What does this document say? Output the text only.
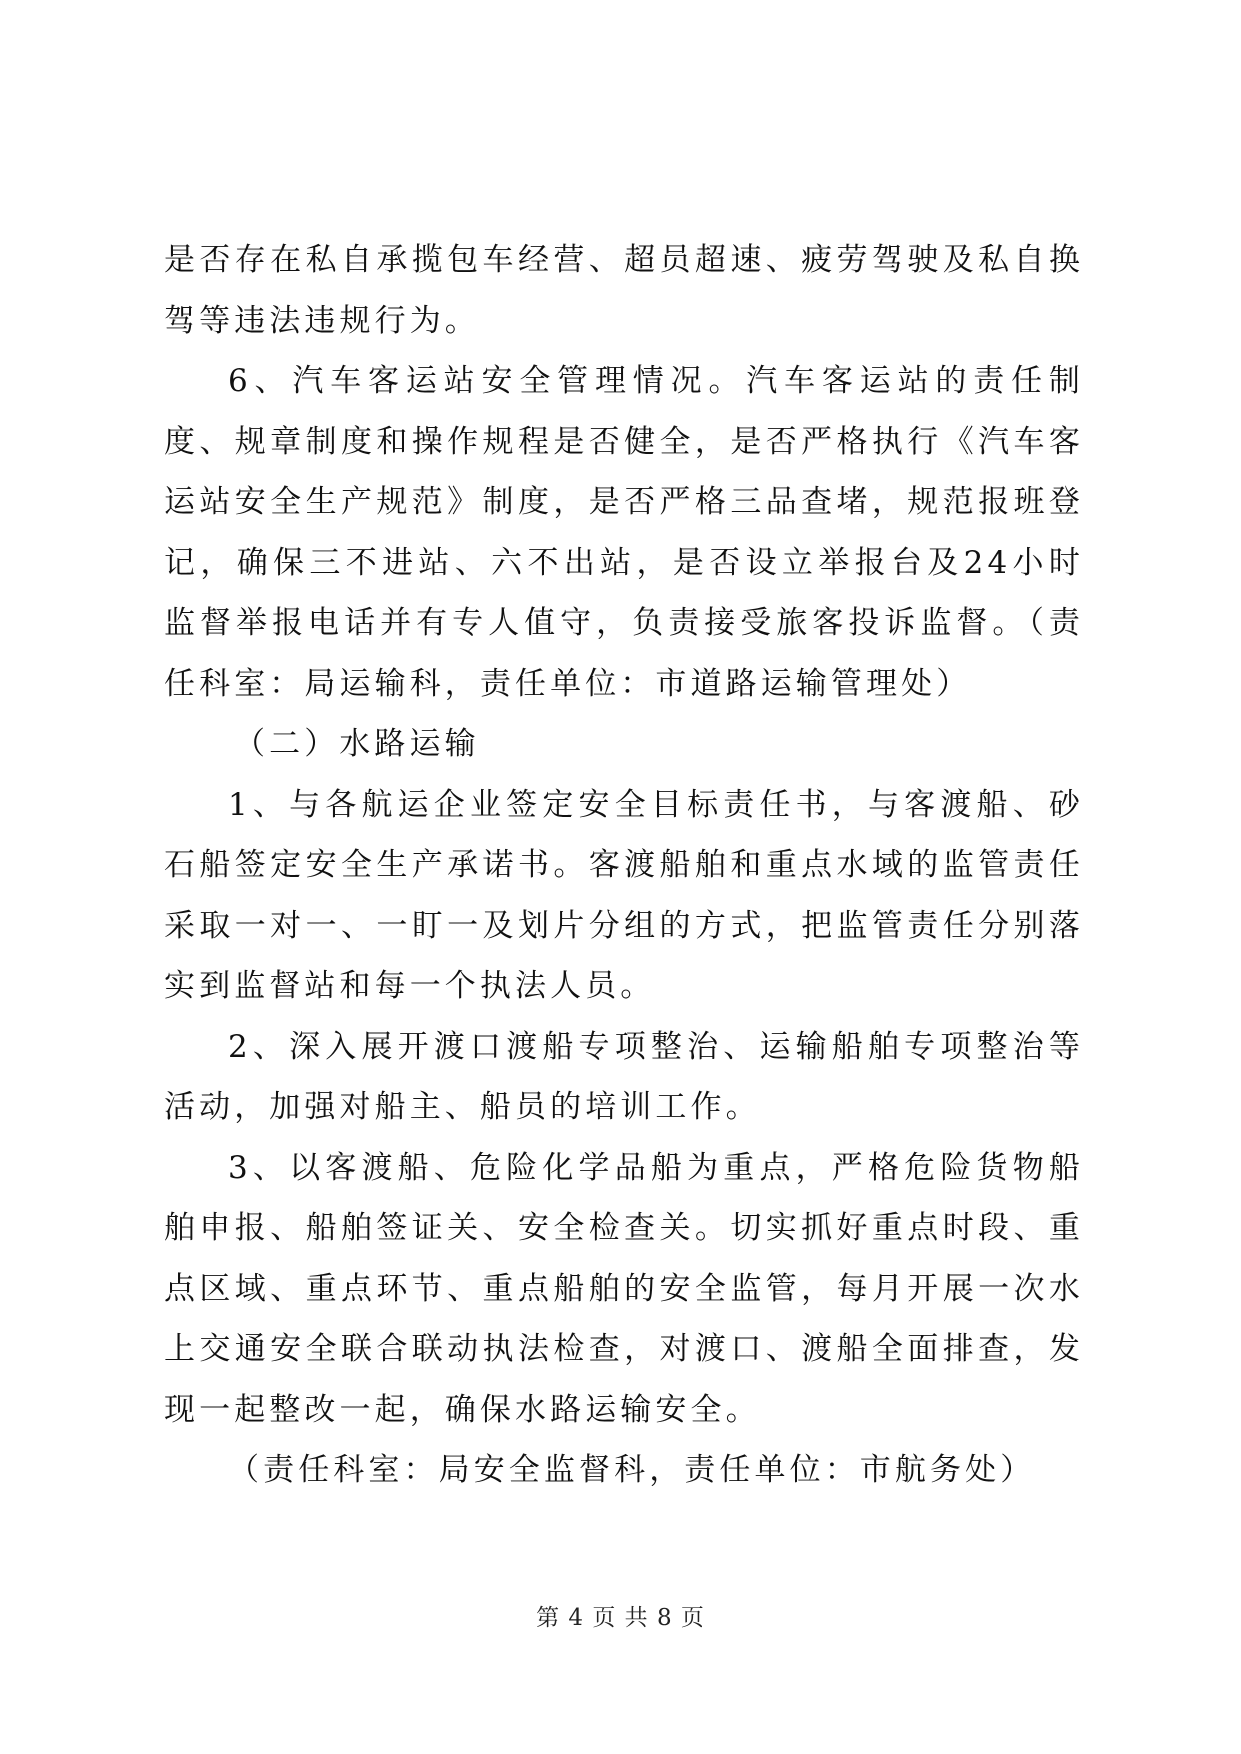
是否存在私自承揽包车经营、超员超速、疲劳驾驶及私自换驾等违法违规行为。

6、汽车客运站安全管理情况。汽车客运站的责任制度、规章制度和操作规程是否健全，是否严格执行《汽车客运站安全生产规范》制度，是否严格三品查堵，规范报班登记，确保三不进站、六不出站，是否设立举报台及24小时监督举报电话并有专人值守，负责接受旅客投诉监督。（责任科室：局运输科，责任单位：市道路运输管理处）

（二）水路运输

1、与各航运企业签定安全目标责任书，与客渡船、砂石船签定安全生产承诺书。客渡船舶和重点水域的监管责任采取一对一、一盯一及划片分组的方式，把监管责任分别落实到监督站和每一个执法人员。

2、深入展开渡口渡船专项整治、运输船舶专项整治等活动，加强对船主、船员的培训工作。

3、以客渡船、危险化学品船为重点，严格危险货物船舶申报、船舶签证关、安全检查关。切实抓好重点时段、重点区域、重点环节、重点船舶的安全监管，每月开展一次水上交通安全联合联动执法检查，对渡口、渡船全面排查，发现一起整改一起，确保水路运输安全。

（责任科室：局安全监督科，责任单位：市航务处）

第 4 页 共 8 页
